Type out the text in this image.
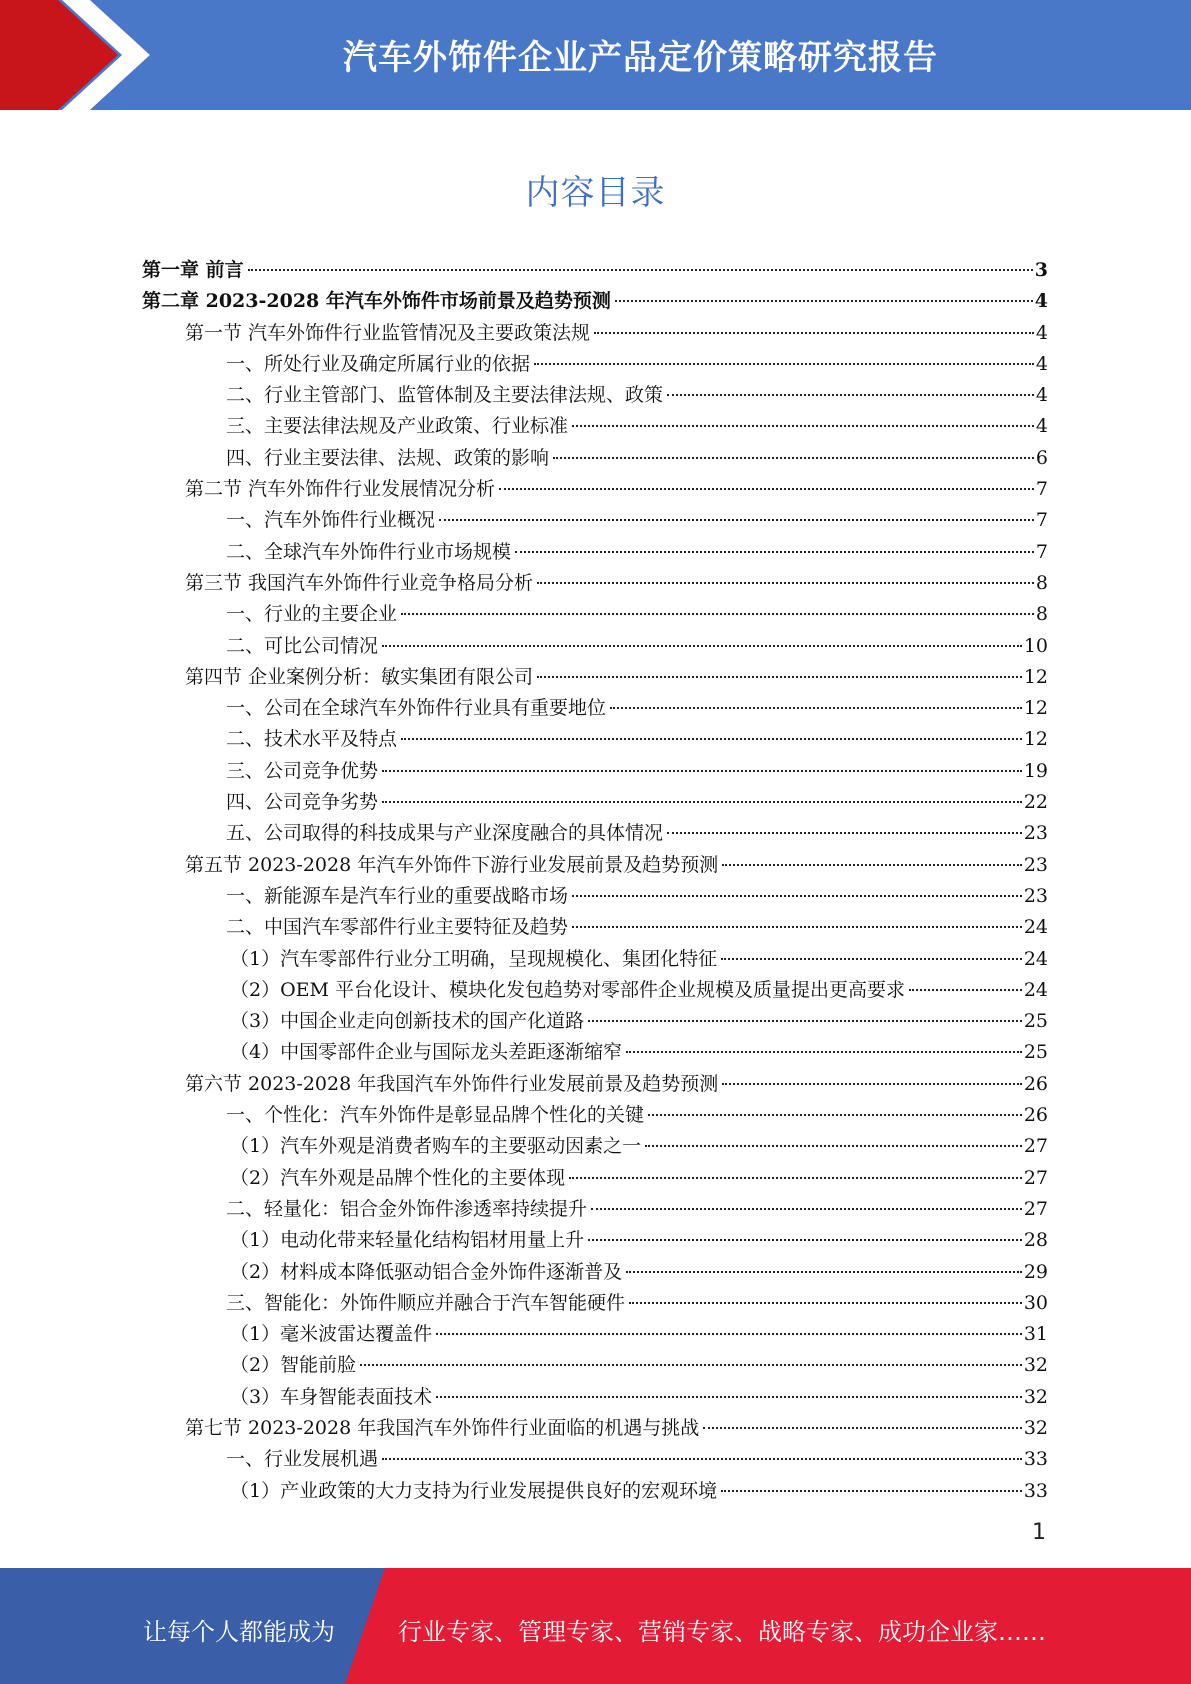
汽车外饰件企业产品定价策略研究报告
内容目录
第一章 前言	3
第二章 2023-2028 年汽车外饰件市场前景及趋势预测	4
第一节 汽车外饰件行业监管情况及主要政策法规	4
一、所处行业及确定所属行业的依据	4
二、行业主管部门、监管体制及主要法律法规、政策	4
三、主要法律法规及产业政策、行业标准	4
四、行业主要法律、法规、政策的影响	6
第二节 汽车外饰件行业发展情况分析	7
一、汽车外饰件行业概况	7
二、全球汽车外饰件行业市场规模	7
第三节 我国汽车外饰件行业竞争格局分析	8
一、行业的主要企业	8
二、可比公司情况	10
第四节 企业案例分析：敏实集团有限公司	12
一、公司在全球汽车外饰件行业具有重要地位	12
二、技术水平及特点	12
三、公司竞争优势	19
四、公司竞争劣势	22
五、公司取得的科技成果与产业深度融合的具体情况	23
第五节 2023-2028 年汽车外饰件下游行业发展前景及趋势预测	23
一、新能源车是汽车行业的重要战略市场	23
二、中国汽车零部件行业主要特征及趋势	24
（1）汽车零部件行业分工明确，呈现规模化、集团化特征	24
（2）OEM 平台化设计、模块化发包趋势对零部件企业规模及质量提出更高要求	24
（3）中国企业走向创新技术的国产化道路	25
（4）中国零部件企业与国际龙头差距逐渐缩窄	25
第六节 2023-2028 年我国汽车外饰件行业发展前景及趋势预测	26
一、个性化：汽车外饰件是彰显品牌个性化的关键	26
（1）汽车外观是消费者购车的主要驱动因素之一	27
（2）汽车外观是品牌个性化的主要体现	27
二、轻量化：铝合金外饰件渗透率持续提升	27
（1）电动化带来轻量化结构铝材用量上升	28
（2）材料成本降低驱动铝合金外饰件逐渐普及	29
三、智能化：外饰件顺应并融合于汽车智能硬件	30
（1）毫米波雷达覆盖件	31
（2）智能前脸	32
（3）车身智能表面技术	32
第七节 2023-2028 年我国汽车外饰件行业面临的机遇与挑战	32
一、行业发展机遇	33
（1）产业政策的大力支持为行业发展提供良好的宏观环境	33
1
让每个人都能成为	行业专家、管理专家、营销专家、战略专家、成功企业家……
